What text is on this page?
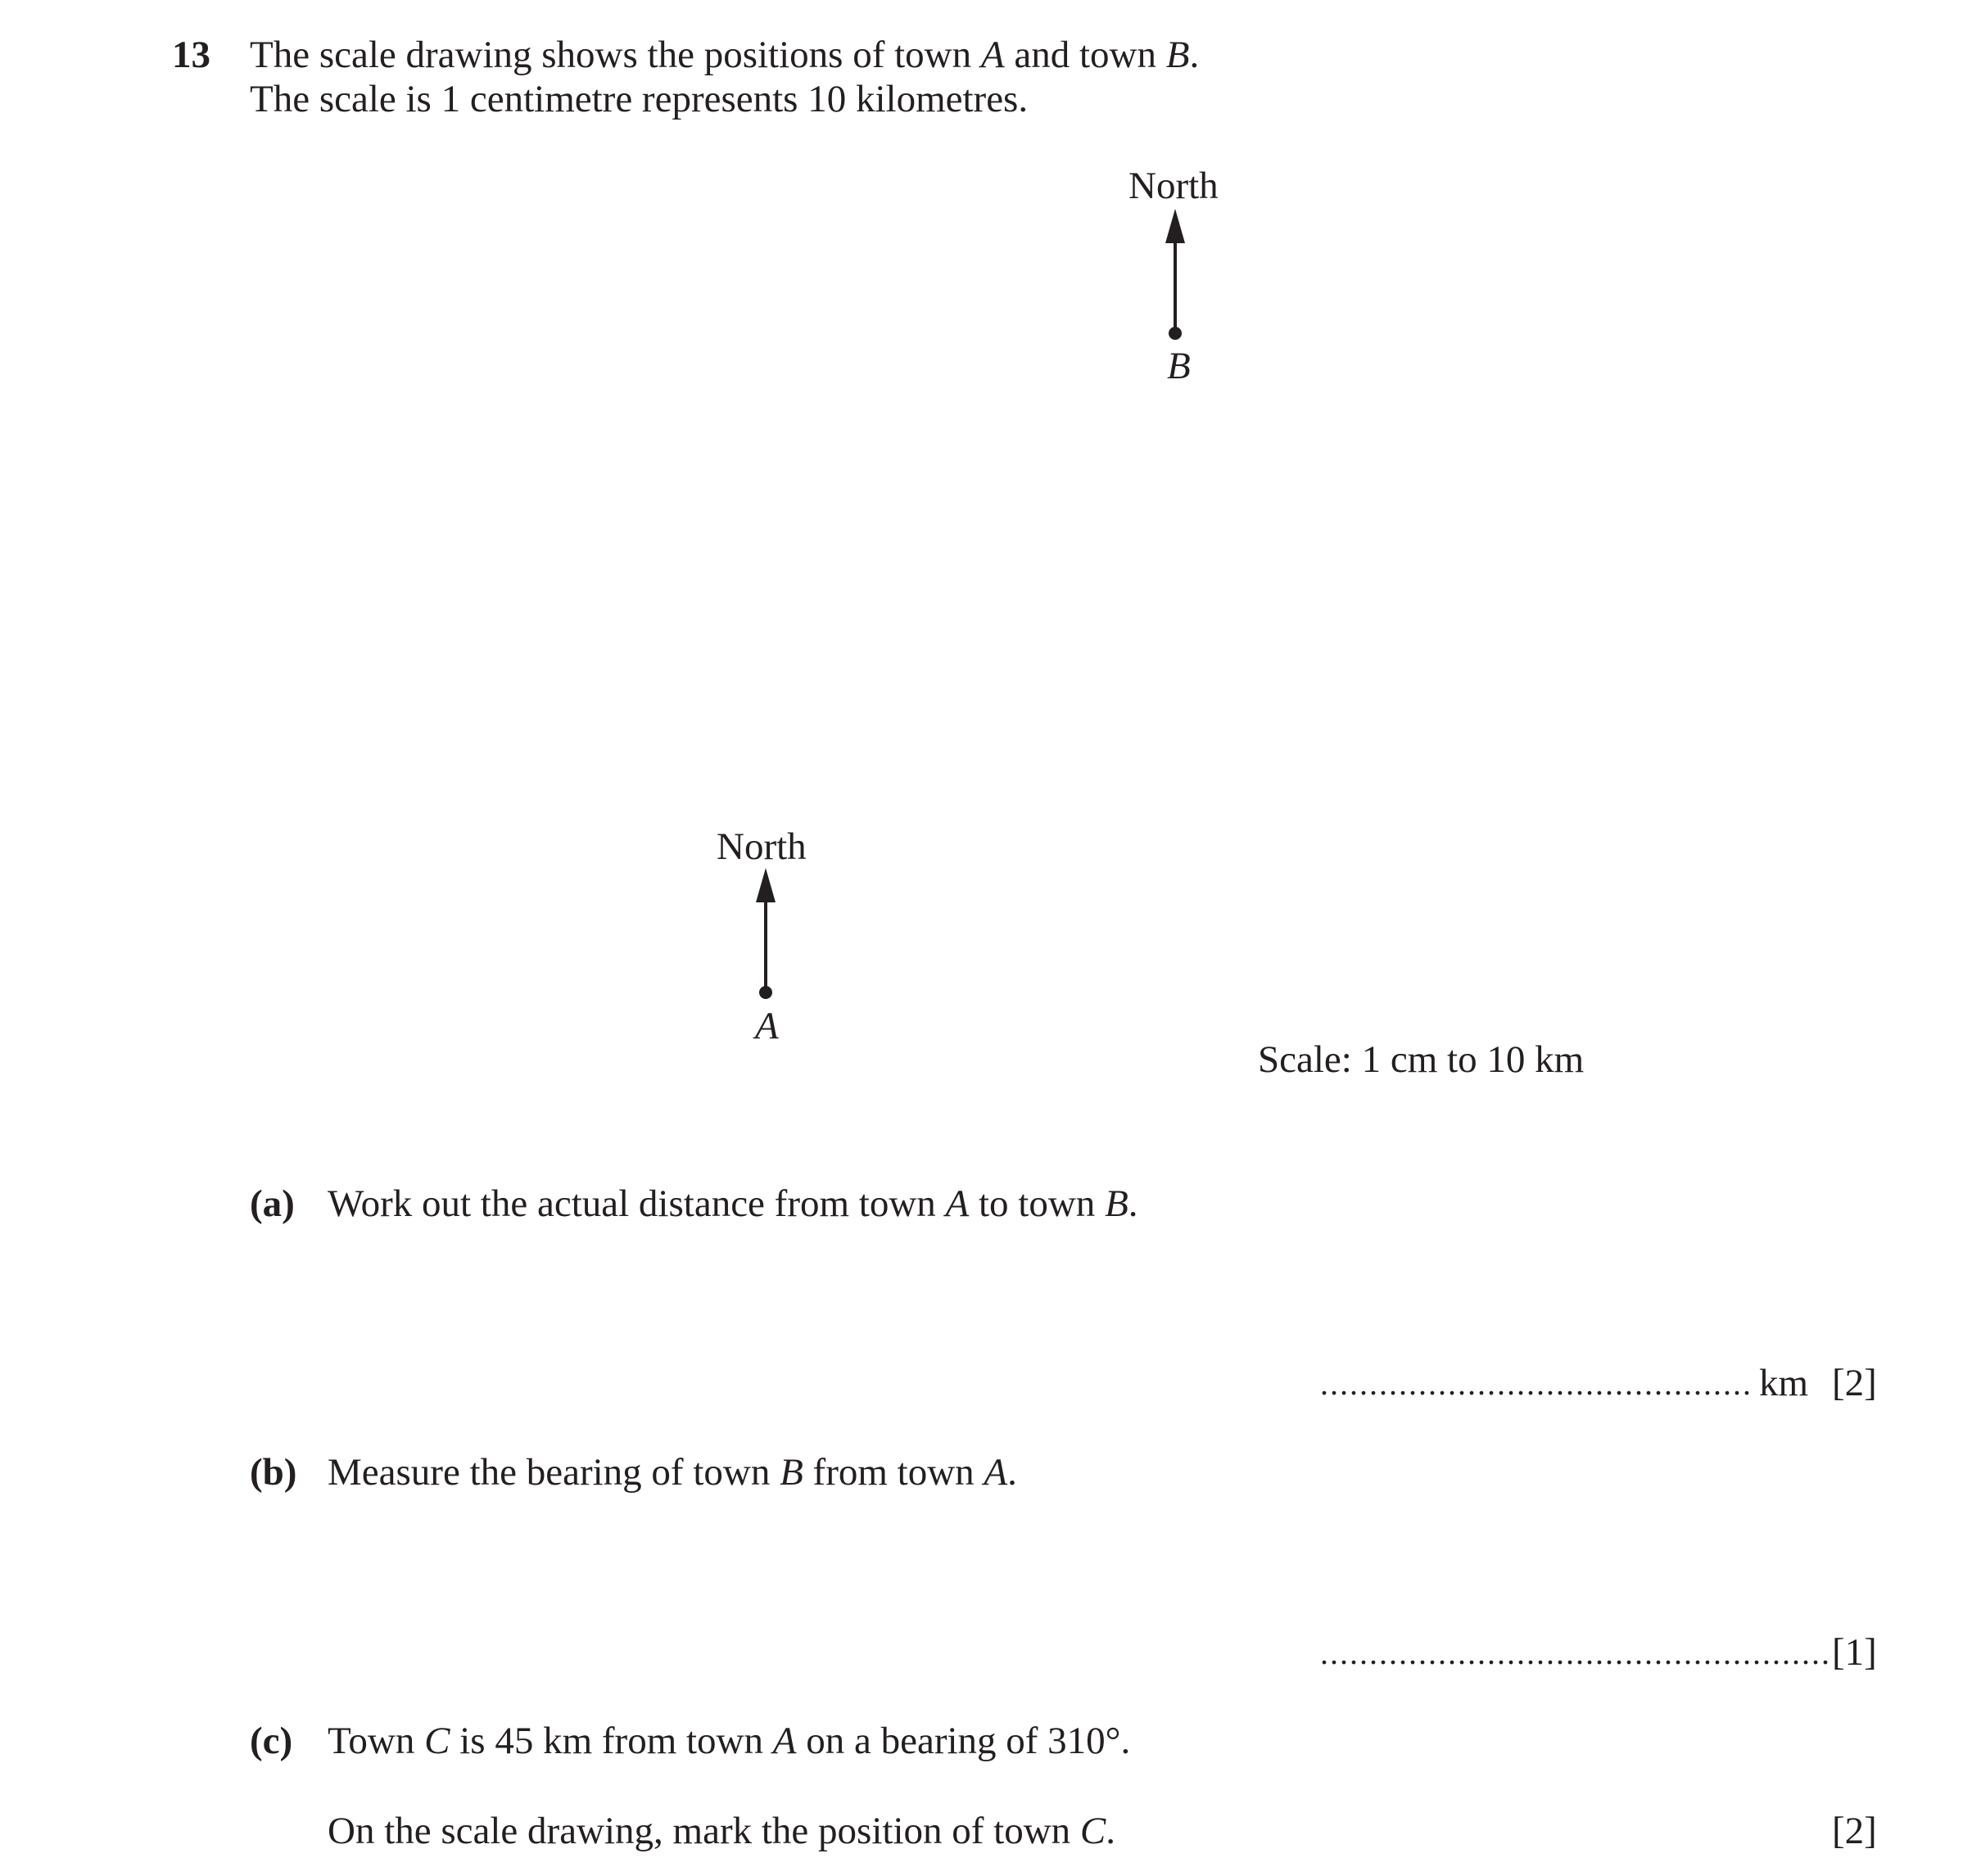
13 The scale drawing shows the positions of town A and town B.
The scale is 1 centimetre represents 10 kilometres.
North
B
North
A
Scale: 1 cm to 10 km
(a) Work out the actual distance from town A to town B.
............................................ km [2]
(b) Measure the bearing of town B from town A.
.................................................... [1]
(c) Town C is 45 km from town A on a bearing of 310°.
On the scale drawing, mark the position of town C.	[2]
